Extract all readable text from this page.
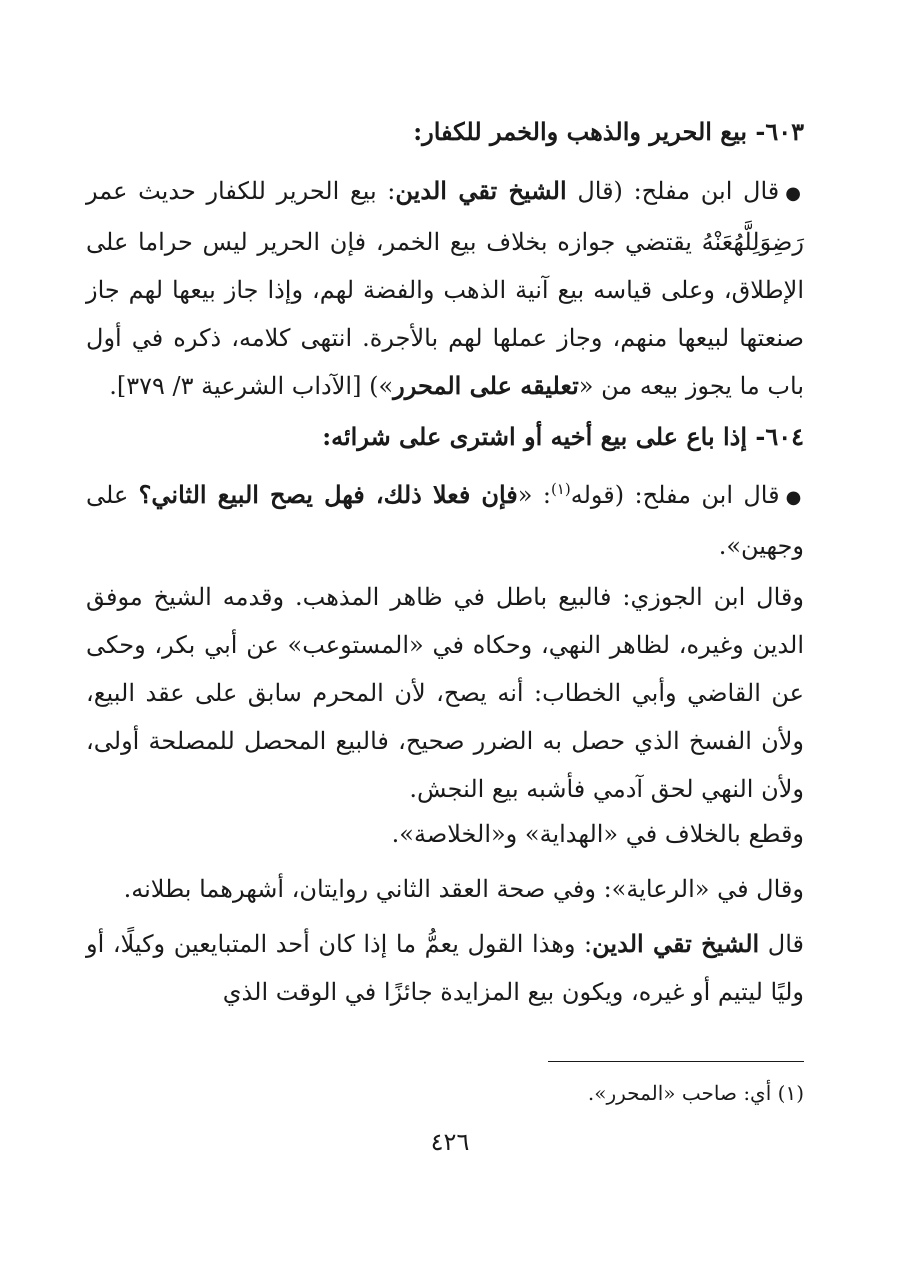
٦٠٣- بيع الحرير والذهب والخمر للكفار:
●قال ابن مفلح: (قال الشيخ تقي الدين: بيع الحرير للكفار حديث عمر رَضِوَلِلَّهُعَنْهُ يقتضي جوازه بخلاف بيع الخمر، فإن الحرير ليس حراما على الإطلاق، وعلى قياسه بيع آنية الذهب والفضة لهم، وإذا جاز بيعها لهم جاز صنعتها لبيعها منهم، وجاز عملها لهم بالأجرة. انتهى كلامه، ذكره في أول باب ما يجوز بيعه من «تعليقه على المحرر») [الآداب الشرعية ٣/ ٣٧٩].
٦٠٤- إذا باع على بيع أخيه أو اشترى على شرائه:
●قال ابن مفلح: (قوله$^{(١)}$: «فإن فعلا ذلك، فهل يصح البيع الثاني؟ على وجهين».
وقال ابن الجوزي: فالبيع باطل في ظاهر المذهب. وقدمه الشيخ موفق الدين وغيره، لظاهر النهي، وحكاه في «المستوعب» عن أبي بكر، وحكى عن القاضي وأبي الخطاب: أنه يصح، لأن المحرم سابق على عقد البيع، ولأن الفسخ الذي حصل به الضرر صحيح، فالبيع المحصل للمصلحة أولى، ولأن النهي لحق آدمي فأشبه بيع النجش.
وقطع بالخلاف في «الهداية» و«الخلاصة».
وقال في «الرعاية»: وفي صحة العقد الثاني روايتان، أشهرهما بطلانه.
قال الشيخ تقي الدين: وهذا القول يعمُّ ما إذا كان أحد المتبايعين وكيلًا، أو وليًا ليتيم أو غيره، ويكون بيع المزايدة جائزًا في الوقت الذي
(١) أي: صاحب «المحرر».
٤٢٦
